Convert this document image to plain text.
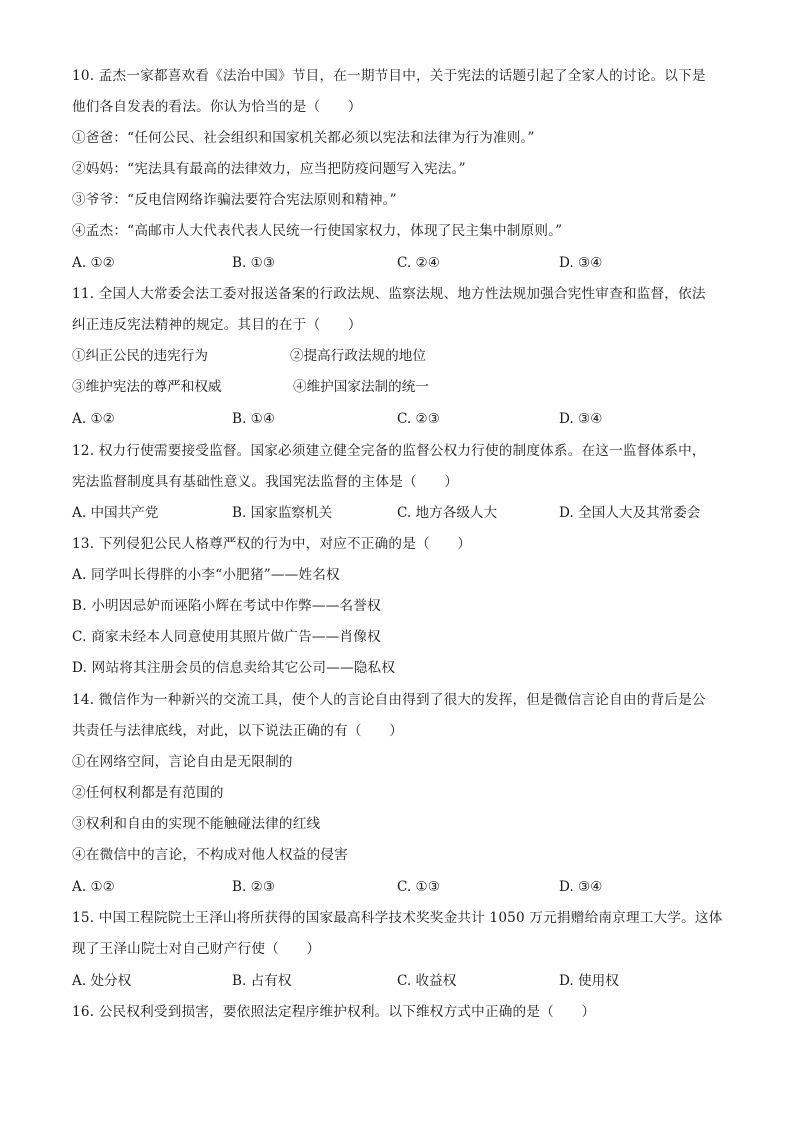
10. 孟杰一家都喜欢看《法治中国》节目，在一期节目中，关于宪法的话题引起了全家人的讨论。以下是
他们各自发表的看法。你认为恰当的是（　　）
①爸爸：“任何公民、社会组织和国家机关都必须以宪法和法律为行为准则。”
②妈妈：“宪法具有最高的法律效力，应当把防疫问题写入宪法。”
③爷爷：“反电信网络诈骗法要符合宪法原则和精神。”
④孟杰：“高邮市人大代表代表人民统一行使国家权力，体现了民主集中制原则。”
A. ①②	B. ①③	C. ②④	D. ③④
11. 全国人大常委会法工委对报送备案的行政法规、监察法规、地方性法规加强合宪性审查和监督，依法
纠正违反宪法精神的规定。其目的在于（　　）
①纠正公民的违宪行为	②提高行政法规的地位
③维护宪法的尊严和权威	④维护国家法制的统一
A. ①②	B. ①④	C. ②③	D. ③④
12. 权力行使需要接受监督。国家必须建立健全完备的监督公权力行使的制度体系。在这一监督体系中，
宪法监督制度具有基础性意义。我国宪法监督的主体是（　　）
A. 中国共产党	B. 国家监察机关	C. 地方各级人大	D. 全国人大及其常委会
13. 下列侵犯公民人格尊严权的行为中，对应不正确的是（　　）
A. 同学叫长得胖的小李“小肥猪”——姓名权
B. 小明因忌妒而诬陷小辉在考试中作弊——名誉权
C. 商家未经本人同意使用其照片做广告——肖像权
D. 网站将其注册会员的信息卖给其它公司——隐私权
14. 微信作为一种新兴的交流工具，使个人的言论自由得到了很大的发挥，但是微信言论自由的背后是公
共责任与法律底线，对此，以下说法正确的有（　　）
①在网络空间，言论自由是无限制的
②任何权利都是有范围的
③权利和自由的实现不能触碰法律的红线
④在微信中的言论，不构成对他人权益的侵害
A. ①②	B. ②③	C. ①③	D. ③④
15. 中国工程院院士王泽山将所获得的国家最高科学技术奖奖金共计 1050 万元捐赠给南京理工大学。这体
现了王泽山院士对自己财产行使（　　）
A. 处分权	B. 占有权	C. 收益权	D. 使用权
16. 公民权利受到损害，要依照法定程序维护权利。以下维权方式中正确的是（　　）
